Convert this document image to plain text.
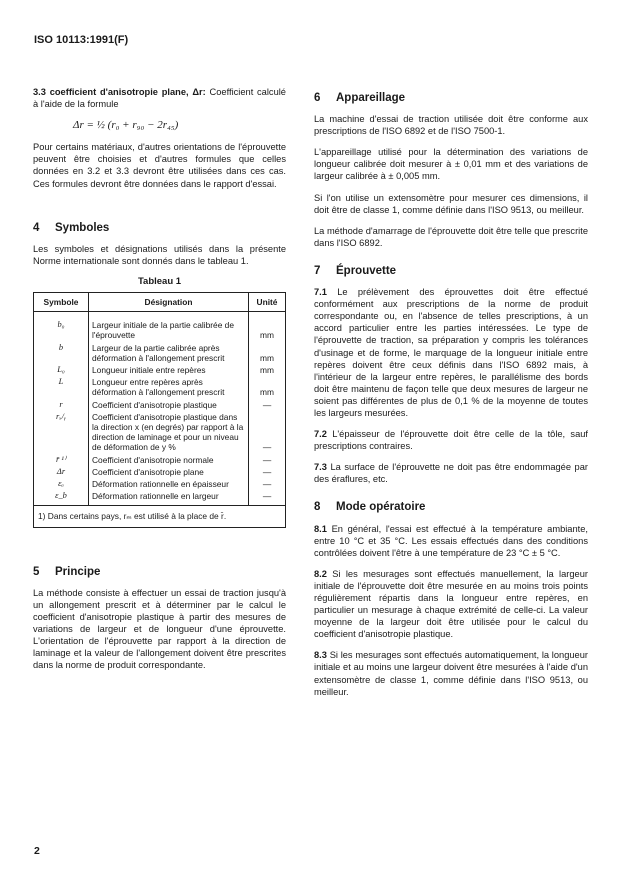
ISO 10113:1991(F)

3.3 coefficient d'anisotropie plane, Δr: Coefficient calculé à l'aide de la formule

Δr = ½ (r₀ + r₉₀ − 2r₄₅)

Pour certains matériaux, d'autres orientations de l'éprouvette peuvent être choisies et d'autres formules que celles données en 3.2 et 3.3 devront être utilisées dans ces cas. Ces formules devront être données dans le rapport d'essai.

4 Symboles

Les symboles et désignations utilisés dans la présente Norme internationale sont donnés dans le tableau 1.

Tableau 1
Symbole	Désignation	Unité
b₀	Largeur initiale de la partie calibrée de l'éprouvette	mm
b	Largeur de la partie calibrée après déformation à l'allongement prescrit	mm
L₀	Longueur initiale entre repères	mm
L	Longueur entre repères après déformation à l'allongement prescrit	mm
r	Coefficient d'anisotropie plastique	—
rₓ/ᵧ	Coefficient d'anisotropie plastique dans la direction x (en degrés) par rapport à la direction de laminage et pour un niveau de déformation de y %	—
r̄ ¹⁾	Coefficient d'anisotropie normale	—
Δr	Coefficient d'anisotropie plane	—
εₐ	Déformation rationnelle en épaisseur	—
ε_b	Déformation rationnelle en largeur	—
1) Dans certains pays, rₘ est utilisé à la place de r̄.		
5 Principe

La méthode consiste à effectuer un essai de traction jusqu'à un allongement prescrit et à déterminer par le calcul le coefficient d'anisotropie plastique à partir des mesures de variations de largeur et de longueur d'une éprouvette. L'orientation de l'éprouvette par rapport à la direction de laminage et la valeur de l'allongement doivent être prescrites dans la norme de produit correspondante.

6 Appareillage

La machine d'essai de traction utilisée doit être conforme aux prescriptions de l'ISO 6892 et de l'ISO 7500-1.

L'appareillage utilisé pour la détermination des variations de longueur calibrée doit mesurer à ± 0,01 mm et des variations de largeur calibrée à ± 0,005 mm.

Si l'on utilise un extensomètre pour mesurer ces dimensions, il doit être de classe 1, comme définie dans l'ISO 9513, ou meilleur.

La méthode d'amarrage de l'éprouvette doit être telle que prescrite dans l'ISO 6892.

7 Éprouvette

7.1 Le prélèvement des éprouvettes doit être effectué conformément aux prescriptions de la norme de produit correspondante ou, en l'absence de telles prescriptions, à un accord particulier entre les parties intéressées. Le type de l'éprouvette de traction, sa préparation y compris les tolérances d'usinage et de forme, le marquage de la longueur initiale entre repères doivent être ceux définis dans l'ISO 6892 mais, à l'intérieur de la largeur entre repères, le parallélisme des bords doit être maintenu de façon telle que deux mesures de largeur ne soient pas différentes de plus de 0,1 % de la moyenne de toutes les largeurs mesurées.

7.2 L'épaisseur de l'éprouvette doit être celle de la tôle, sauf prescriptions contraires.

7.3 La surface de l'éprouvette ne doit pas être endommagée par des éraflures, etc.

8 Mode opératoire

8.1 En général, l'essai est effectué à la température ambiante, entre 10 °C et 35 °C. Les essais effectués dans des conditions contrôlées doivent l'être à une température de 23 °C ± 5 °C.

8.2 Si les mesurages sont effectués manuellement, la largeur initiale de l'éprouvette doit être mesurée en au moins trois points régulièrement répartis dans la longueur entre repères, en particulier un mesurage à chaque extrémité de celle-ci. La valeur moyenne de la largeur doit être utilisée pour le calcul du coefficient d'anisotropie plastique.

8.3 Si les mesurages sont effectués automatiquement, la longueur initiale et au moins une largeur doivent être mesurées à l'aide d'un extensomètre de classe 1, comme définie dans l'ISO 9513, ou meilleur.

2
